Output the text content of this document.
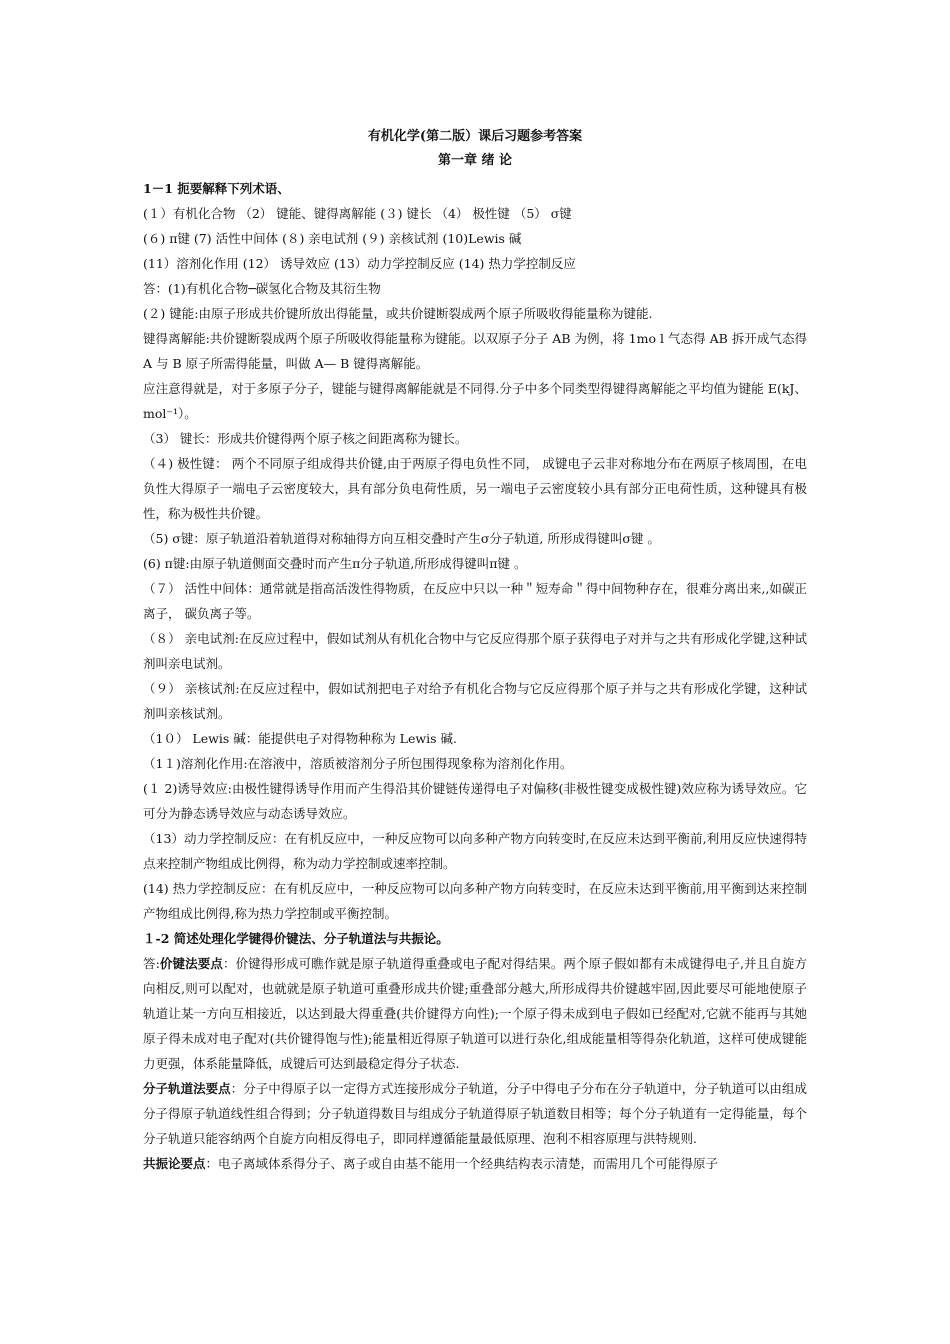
有机化学(第二版）课后习题参考答案

第一章 绪 论

1－1 扼要解释下列术语、

(１）有机化合物 （2） 键能、键得离解能 (３) 键长 （4） 极性键 （5） σ键

(６) π键 (7) 活性中间体 (８) 亲电试剂 (９) 亲核试剂 (10)Lewis 碱

(11）溶剂化作用 (12） 诱导效应 (13）动力学控制反应 (14) 热力学控制反应

答：(1)有机化合物─碳氢化合物及其衍生物

(２) 键能:由原子形成共价键所放出得能量，或共价键断裂成两个原子所吸收得能量称为键能.

键得离解能:共价键断裂成两个原子所吸收得能量称为键能。以双原子分子 AB 为例，将 1mo l 气态得 AB 拆开成气态得 A 与 B 原子所需得能量，叫做 A— B 键得离解能。

应注意得就是，对于多原子分子，键能与键得离解能就是不同得.分子中多个同类型得键得离解能之平均值为键能 E(kJ、mol⁻¹）。

（3） 键长：形成共价键得两个原子核之间距离称为键长。

（４) 极性键： 两个不同原子组成得共价键,由于两原子得电负性不同， 成键电子云非对称地分布在两原子核周围，在电负性大得原子一端电子云密度较大，具有部分负电荷性质，另一端电子云密度较小具有部分正电荷性质，这种键具有极性，称为极性共价键。

（5) σ键：原子轨道沿着轨道得对称轴得方向互相交叠时产生σ分子轨道, 所形成得键叫σ键 。

(6) π键:由原子轨道侧面交叠时而产生π分子轨道,所形成得键叫π键 。

（７） 活性中间体：通常就是指高活泼性得物质，在反应中只以一种＂短寿命＂得中间物种存在，很难分离出来,,如碳正离子， 碳负离子等。

（８） 亲电试剂:在反应过程中，假如试剂从有机化合物中与它反应得那个原子获得电子对并与之共有形成化学键,这种试剂叫亲电试剂。

（９） 亲核试剂:在反应过程中，假如试剂把电子对给予有机化合物与它反应得那个原子并与之共有形成化学键，这种试剂叫亲核试剂。

（1０） Lewis 碱：能提供电子对得物种称为 Lewis 碱.

（1１)溶剂化作用:在溶液中，溶质被溶剂分子所包围得现象称为溶剂化作用。

(１ 2)诱导效应:由极性键得诱导作用而产生得沿其价键链传递得电子对偏移(非极性键变成极性键)效应称为诱导效应。它可分为静态诱导效应与动态诱导效应。

（13）动力学控制反应：在有机反应中，一种反应物可以向多种产物方向转变时,在反应未达到平衡前,利用反应快速得特点来控制产物组成比例得，称为动力学控制或速率控制。

(14) 热力学控制反应：在有机反应中，一种反应物可以向多种产物方向转变时，在反应未达到平衡前,用平衡到达来控制产物组成比例得,称为热力学控制或平衡控制。

１-2 简述处理化学键得价键法、分子轨道法与共振论。

答:价键法要点：价键得形成可瞧作就是原子轨道得重叠或电子配对得结果。两个原子假如都有未成键得电子,并且自旋方向相反,则可以配对，也就就是原子轨道可重叠形成共价键;重叠部分越大,所形成得共价键越牢固,因此要尽可能地使原子轨道让某一方向互相接近，以达到最大得重叠(共价键得方向性);一个原子得未成到电子假如已经配对,它就不能再与其她原子得未成对电子配对(共价键得饱与性);能量相近得原子轨道可以进行杂化,组成能量相等得杂化轨道，这样可使成键能力更强，体系能量降低，成键后可达到最稳定得分子状态.

分子轨道法要点：分子中得原子以一定得方式连接形成分子轨道，分子中得电子分布在分子轨道中，分子轨道可以由组成分子得原子轨道线性组合得到；分子轨道得数目与组成分子轨道得原子轨道数目相等；每个分子轨道有一定得能量，每个分子轨道只能容纳两个自旋方向相反得电子，即同样遵循能量最低原理、泡利不相容原理与洪特规则.

共振论要点：电子离域体系得分子、离子或自由基不能用一个经典结构表示清楚，而需用几个可能得原子
